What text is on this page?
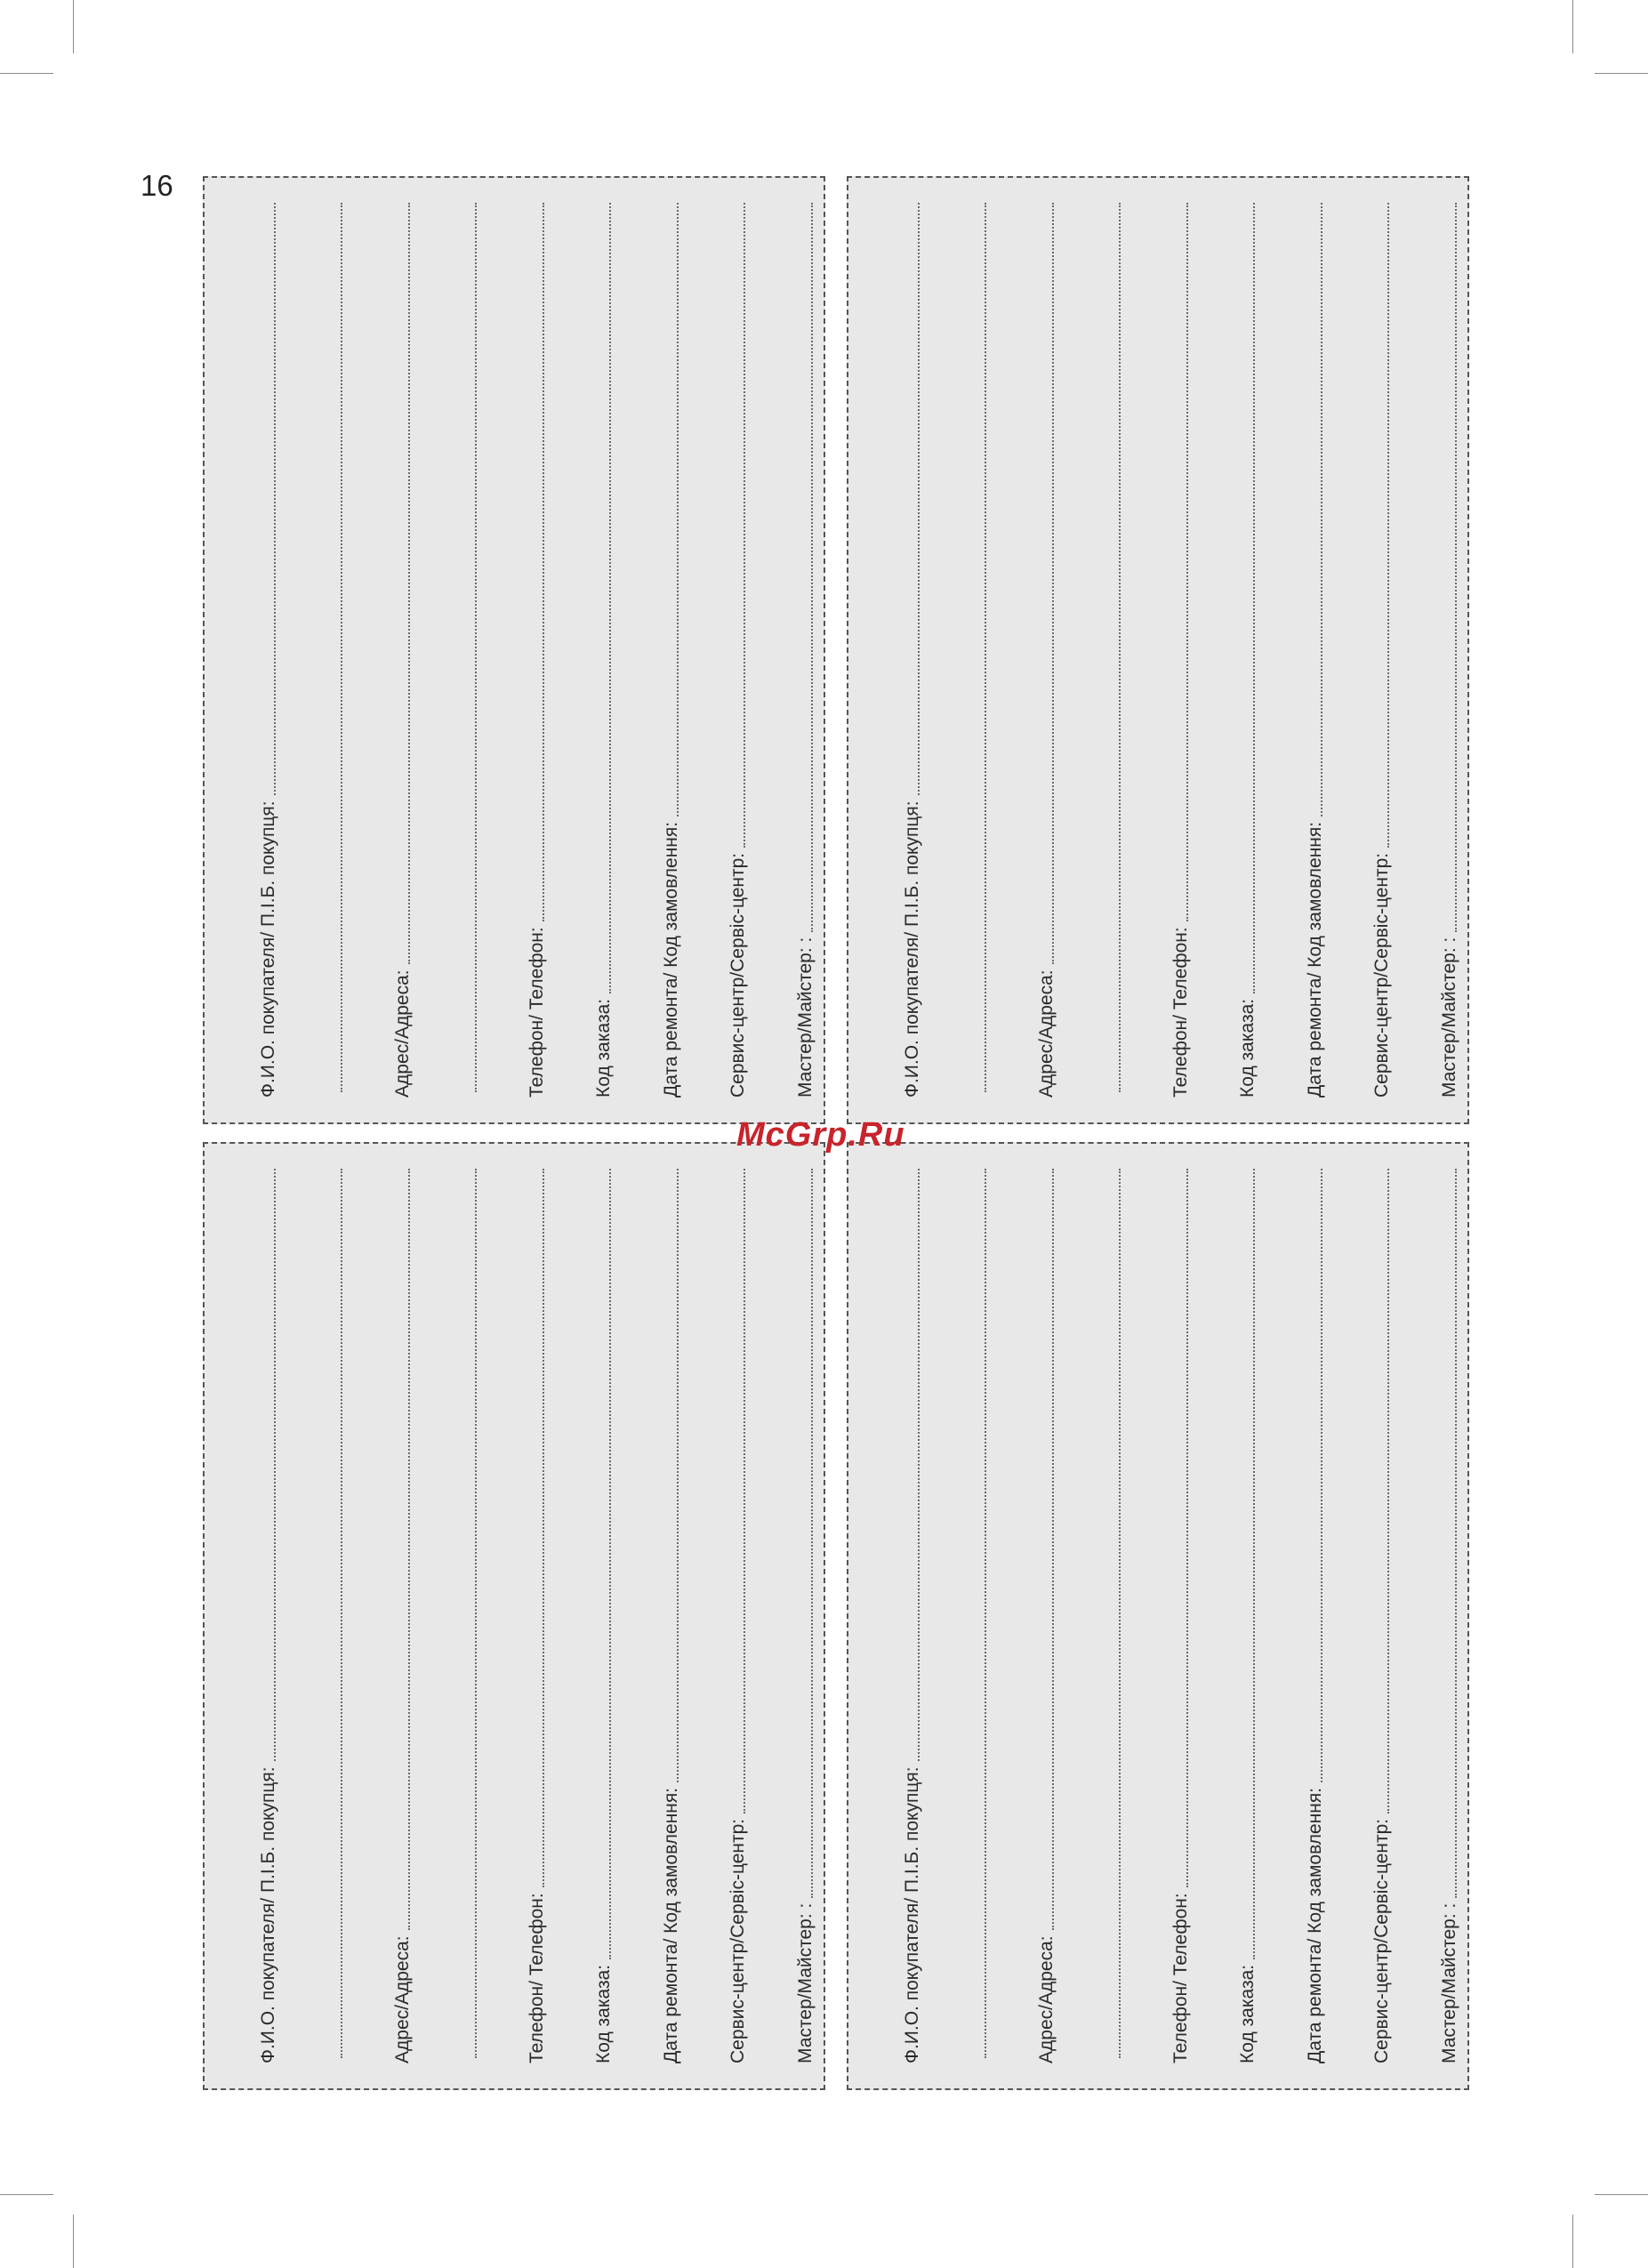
16
Ф.И.О. покупателя/ П.І.Б. покупця:	Адрес/Адреса:	Телефон/ Телефон:	Код заказа:	Дата ремонта/ Код замовлення:	Сервис-центр/Сервіс-центр:	Мастер/Майстер: :	Ф.И.О. покупателя/ П.І.Б. покупця:	Адрес/Адреса:	Телефон/ Телефон:	Код заказа:	Дата ремонта/ Код замовлення:	Сервис-центр/Сервіс-центр:	Мастер/Майстер: :
Ф.И.О. покупателя/ П.І.Б. покупця:	Адрес/Адреса:	Телефон/ Телефон:	Код заказа:	Дата ремонта/ Код замовлення:	Сервис-центр/Сервіс-центр:	Мастер/Майстер: :	Ф.И.О. покупателя/ П.І.Б. покупця:	Адрес/Адреса:	Телефон/ Телефон:	Код заказа:	Дата ремонта/ Код замовлення:	Сервис-центр/Сервіс-центр:	Мастер/Майстер: :
McGrp.Ru
